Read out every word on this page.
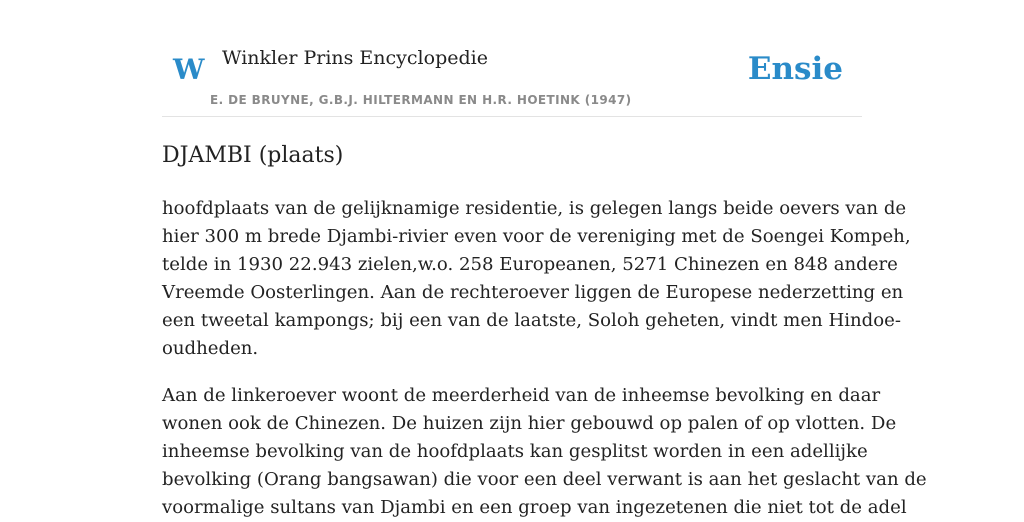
W Winkler Prins Encyclopedie
E. DE BRUYNE, G.B.J. HILTERMANN EN H.R. HOETINK (1947)
Ensie
DJAMBI (plaats)

hoofdplaats van de gelijknamige residentie, is gelegen langs beide oevers van de
hier 300 m brede Djambi-rivier even voor de vereniging met de Soengei Kompeh,
telde in 1930 22.943 zielen,w.o. 258 Europeanen, 5271 Chinezen en 848 andere
Vreemde Oosterlingen. Aan de rechteroever liggen de Europese nederzetting en
een tweetal kampongs; bij een van de laatste, Soloh geheten, vindt men Hindoe-
oudheden.

Aan de linkeroever woont de meerderheid van de inheemse bevolking en daar
wonen ook de Chinezen. De huizen zijn hier gebouwd op palen of op vlotten. De
inheemse bevolking van de hoofdplaats kan gesplitst worden in een adellijke
bevolking (Orang bangsawan) die voor een deel verwant is aan het geslacht van de
voormalige sultans van Djambi en een groep van ingezetenen die niet tot de adel
